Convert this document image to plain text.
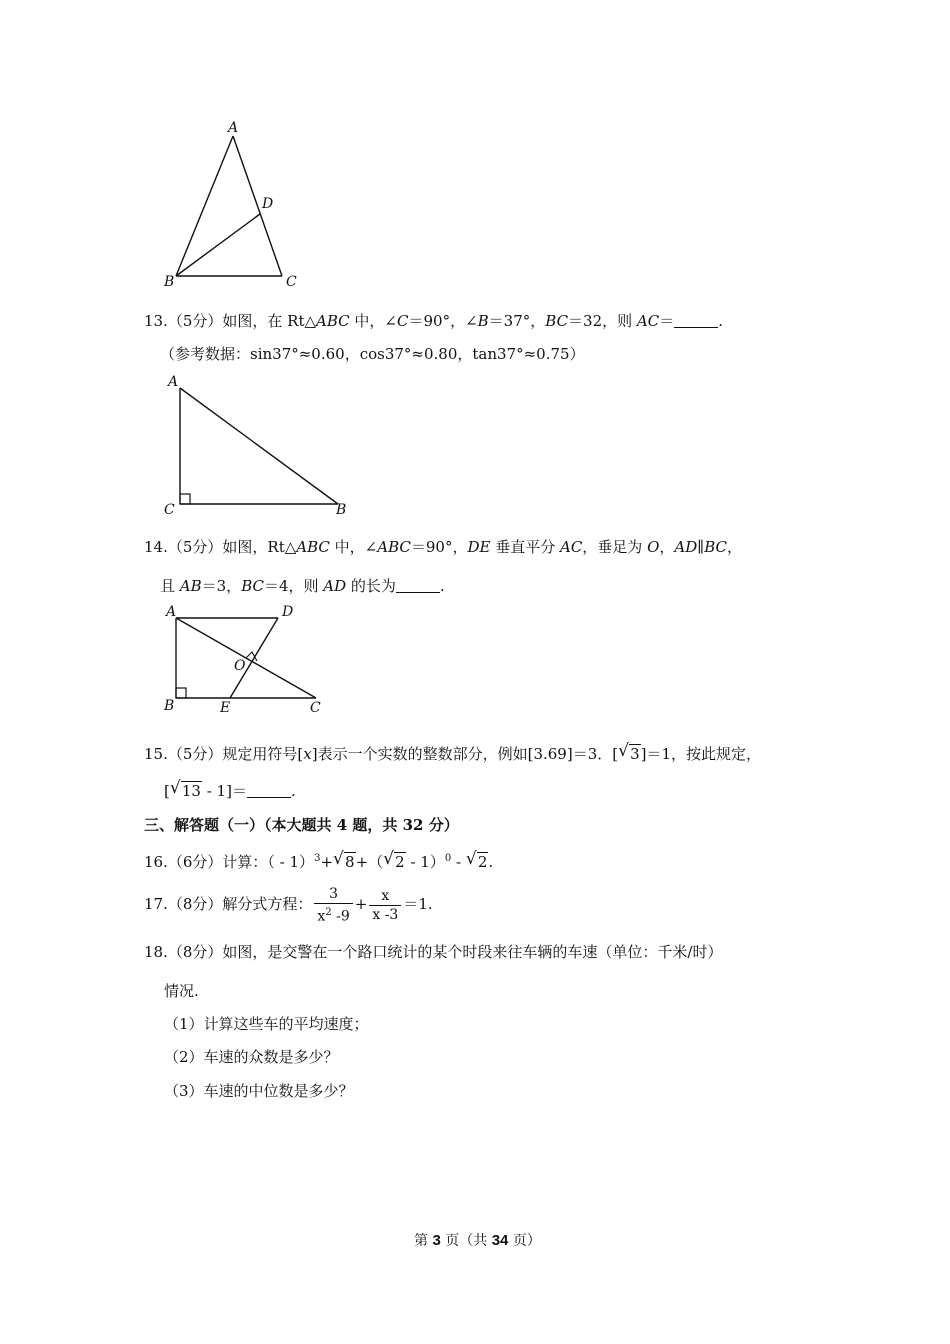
A
B	C
D
13.（5分）如图，在 Rt△ABC 中，∠C＝90°，∠B＝37°，BC＝32，则 AC＝	.
（参考数据：sin37°≈0.60，cos37°≈0.80，tan37°≈0.75）
A
C	B
14.（5分）如图，Rt△ABC 中，∠ABC＝90°，DE 垂直平分 AC，垂足为 O，AD∥BC，
且 AB＝3，BC＝4，则 AD 的长为	.
A	D
O
B	E	C
15.（5分）规定用符号[x]表示一个实数的整数部分，例如[3.69]＝3．[ √ 3]＝1，按此规定，
[ √ 13 - 1]＝	.
三、解答题（一）（本大题共 4 题，共 32 分）
16.（6分）计算：（ - 1）$^3$+ √ 8+（ √ 2 - 1）$^0$ - √ 2.
17.（8分）解分式方程： $\frac{3}{x^2 -9} + \frac{x}{x -3} =1$.
18.（8分）如图，是交警在一个路口统计的某个时段来往车辆的车速（单位：千米/时）
情况.
（1）计算这些车的平均速度；
（2）车速的众数是多少？
（3）车速的中位数是多少？
第 3 页（共 34 页）
